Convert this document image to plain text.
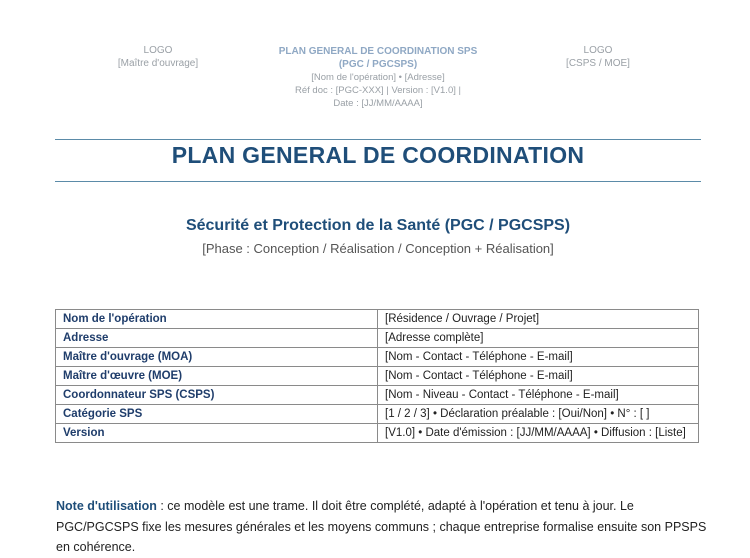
LOGO
[Maître d'ouvrage]
PLAN GENERAL DE COORDINATION SPS
(PGC / PGCSPS)
[Nom de l'opération] • [Adresse]
Réf doc : [PGC-XXX] | Version : [V1.0] |
Date : [JJ/MM/AAAA]
LOGO
[CSPS / MOE]
PLAN GENERAL DE COORDINATION
Sécurité et Protection de la Santé (PGC / PGCSPS)
[Phase : Conception / Réalisation / Conception + Réalisation]
Nom de l'opération	[Résidence / Ouvrage / Projet]
Adresse	[Adresse complète]
Maître d'ouvrage (MOA)	[Nom - Contact - Téléphone - E-mail]
Maître d'œuvre (MOE)	[Nom - Contact - Téléphone - E-mail]
Coordonnateur SPS (CSPS)	[Nom - Niveau - Contact - Téléphone - E-mail]
Catégorie SPS	[1 / 2 / 3] • Déclaration préalable : [Oui/Non] • N° : [ ]
Version	[V1.0] • Date d'émission : [JJ/MM/AAAA] • Diffusion : [Liste]
Note d'utilisation : ce modèle est une trame. Il doit être complété, adapté à l'opération et tenu à jour. Le PGC/PGCSPS fixe les mesures générales et les moyens communs ; chaque entreprise formalise ensuite son PPSPS en cohérence.
